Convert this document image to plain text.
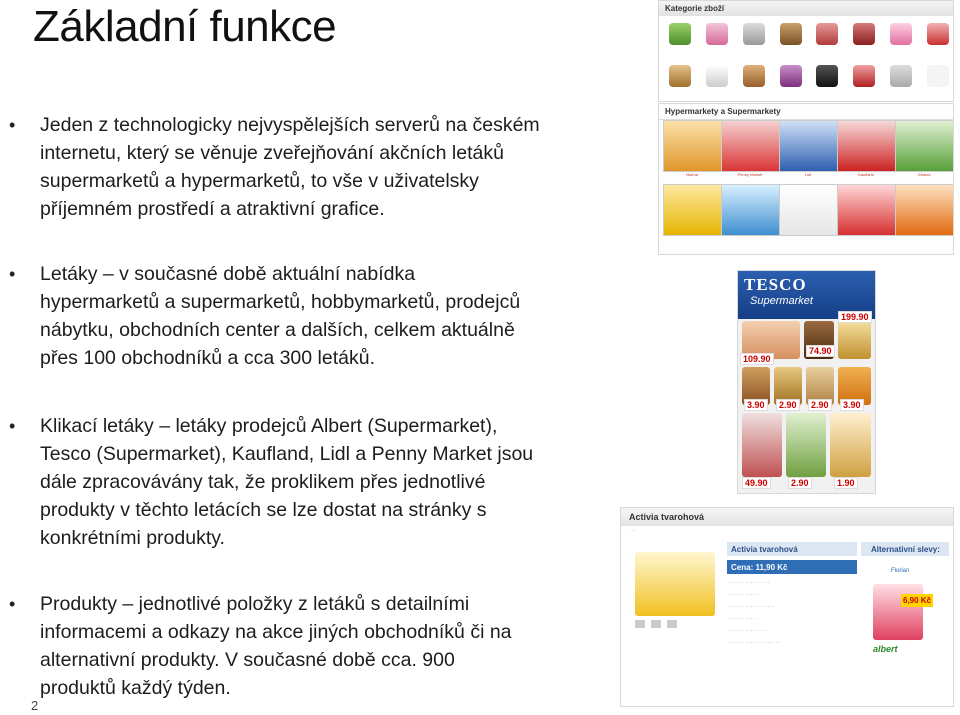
Základní funkce
• Jeden z technologicky nejvyspělejších serverů na českém
internetu, který se věnuje zveřejňování akčních letáků
supermarketů a hypermarketů, to vše v uživatelsky
příjemném prostředí a atraktivní grafice.
• Letáky – v současné době aktuální nabídka
hypermarketů a supermarketů, hobbymarketů, prodejců
nábytku, obchodních center a dalších, celkem aktuálně
přes 100 obchodníků a cca 300 letáků.
• Klikací letáky – letáky prodejců Albert (Supermarket),
Tesco (Supermarket), Kaufland, Lidl a Penny Market jsou
dále zpracovávány tak, že proklikem přes jednotlivé
produkty v těchto letácích se lze dostat na stránky s
konkrétními produkty.
• Produkty – jednotlivé položky z letáků s detailními
informacemi a odkazy na akce jiných obchodníků či na
alternativní produkty. V současné době cca. 900
produktů každý týden.
2
Kategorie zboží
Hypermarkety a Supermarkety
Norma	Penny Market	Lidl	Kaufland	Globus
TESCO
Supermarket
199.90
109.90
74.90
3.90	2.90	2.90	3.90
49.90	2.90	1.90
Activia tvarohová
· · ·
Activia tvarohová	Alternativní slevy:
Cena: 11,90 Kč
· · · · · · · · · · · · · · ·
· · · · · · · · · · · ·
· · · · · · · · · · · · · · · · ·
· · · · · · · · · ·
· · · · · · · · · · · · · ·
· · · · · · · · · · · · · · · · · · ·
Florian
6,90 Kč
albert
